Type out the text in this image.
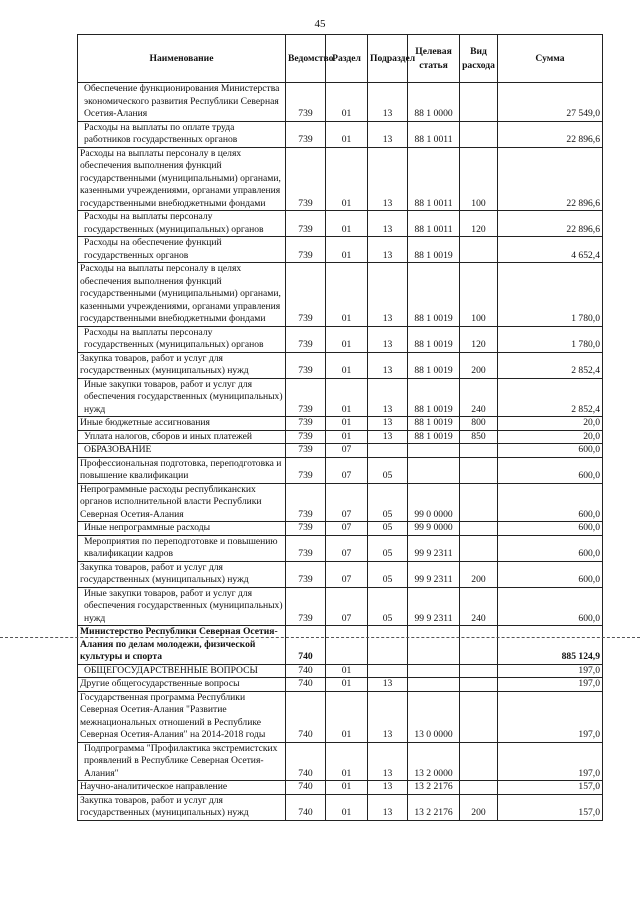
45
Наименование	Ведомство	Раздел	Подраздел	Целевая статья	Вид расхода	Сумма
Обеспечение функционирования Министерства экономического развития Республики Северная Осетия-Алания	739	01	13	88 1 0000		27 549,0
Расходы на выплаты по оплате труда работников государственных органов	739	01	13	88 1 0011		22 896,6
Расходы на выплаты персоналу в целях обеспечения выполнения функций государственными (муниципальными) органами, казенными учреждениями, органами управления государственными внебюджетными фондами	739	01	13	88 1 0011	100	22 896,6
Расходы на выплаты персоналу государственных (муниципальных) органов	739	01	13	88 1 0011	120	22 896,6
Расходы на обеспечение функций государственных органов	739	01	13	88 1 0019		4 652,4
Расходы на выплаты персоналу в целях обеспечения выполнения функций государственными (муниципальными) органами, казенными учреждениями, органами управления государственными внебюджетными фондами	739	01	13	88 1 0019	100	1 780,0
Расходы на выплаты персоналу государственных (муниципальных) органов	739	01	13	88 1 0019	120	1 780,0
Закупка товаров, работ и услуг для государственных (муниципальных) нужд	739	01	13	88 1 0019	200	2 852,4
Иные закупки товаров, работ и услуг для обеспечения государственных (муниципальных) нужд	739	01	13	88 1 0019	240	2 852,4
Иные бюджетные ассигнования	739	01	13	88 1 0019	800	20,0
Уплата налогов, сборов и иных платежей	739	01	13	88 1 0019	850	20,0
ОБРАЗОВАНИЕ	739	07				600,0
Профессиональная подготовка, переподготовка и повышение квалификации	739	07	05			600,0
Непрограммные расходы республиканских органов исполнительной власти Республики Северная Осетия-Алания	739	07	05	99 0 0000		600,0
Иные непрограммные расходы	739	07	05	99 9 0000		600,0
Мероприятия по переподготовке и повышению квалификации кадров	739	07	05	99 9 2311		600,0
Закупка товаров, работ и услуг для государственных (муниципальных) нужд	739	07	05	99 9 2311	200	600,0
Иные закупки товаров, работ и услуг для обеспечения государственных (муниципальных) нужд	739	07	05	99 9 2311	240	600,0
Министерство Республики Северная Осетия-Алания по делам молодежи, физической культуры и спорта	740					885 124,9
ОБЩЕГОСУДАРСТВЕННЫЕ ВОПРОСЫ	740	01				197,0
Другие общегосударственные вопросы	740	01	13			197,0
Государственная программа Республики Северная Осетия-Алания "Развитие межнациональных отношений в Республике Северная Осетия-Алания" на 2014-2018 годы	740	01	13	13 0 0000		197,0
Подпрограмма "Профилактика экстремистских проявлений в Республике Северная Осетия-Алания"	740	01	13	13 2 0000		197,0
Научно-аналитическое направление	740	01	13	13 2 2176		157,0
Закупка товаров, работ и услуг для государственных (муниципальных) нужд	740	01	13	13 2 2176	200	157,0
